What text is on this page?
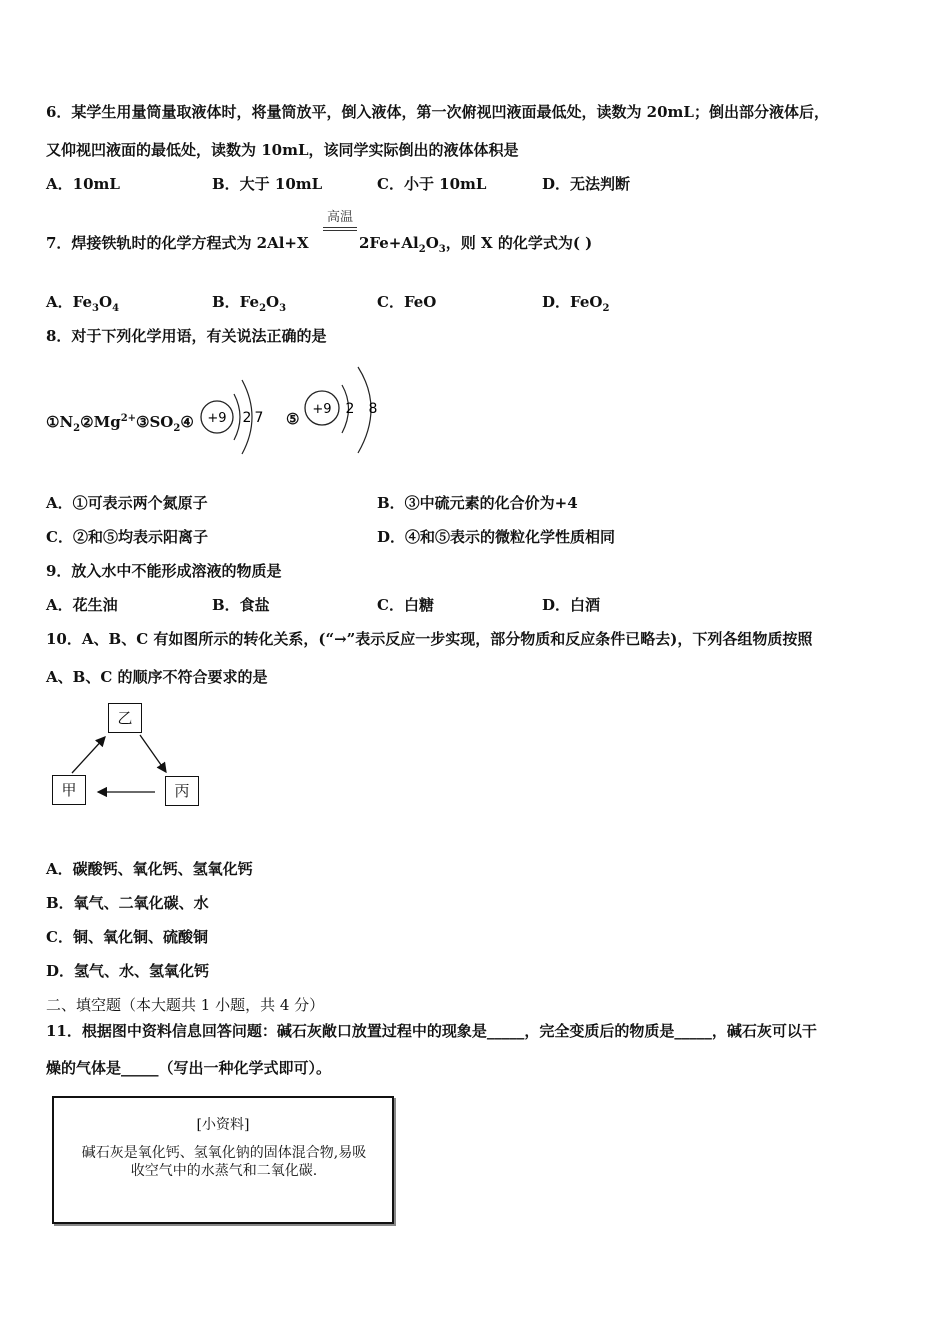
6．某学生用量筒量取液体时，将量筒放平，倒入液体，第一次俯视凹液面最低处，读数为 20mL；倒出部分液体后，
又仰视凹液面的最低处，读数为 10mL，该同学实际倒出的液体体积是
A．10mL	B．大于 10mL	C．小于 10mL	D．无法判断
7．焊接铁轨时的化学方程式为 2Al+X
高温
$2Fe+Al_2O_3$，则 X 的化学式为( )
A．$Fe_3O_4$	B．$Fe_2O_3$	C．FeO	D．FeO$_2$
8．对于下列化学用语，有关说法正确的是
$①N_2②Mg^{2+}③SO_2④ +9$ 2 7 ⑤
+9 2 8
A．①可表示两个氮原子	B．③中硫元素的化合价为+4
C．②和⑤均表示阳离子	D．④和⑤表示的微粒化学性质相同
9．放入水中不能形成溶液的物质是
A．花生油	B．食盐	C．白糖	D．白酒
10．A、B、C 有如图所示的转化关系，(“→”表示反应一步实现，部分物质和反应条件已略去)，下列各组物质按照
A、B、C 的顺序不符合要求的是
乙
甲	丙
A．碳酸钙、氧化钙、氢氧化钙
B．氧气、二氧化碳、水
C．铜、氧化铜、硫酸铜
D．氢气、水、氢氧化钙
二、填空题（本大题共 1 小题，共 4 分）
11．根据图中资料信息回答问题：碱石灰敞口放置过程中的现象是_____，完全变质后的物质是_____，碱石灰可以干
燥的气体是_____（写出一种化学式即可）。
[小资料]
碱石灰是氧化钙、氢氧化钠的固体混合物,易吸收空气中的水蒸气和二氧化碳.
